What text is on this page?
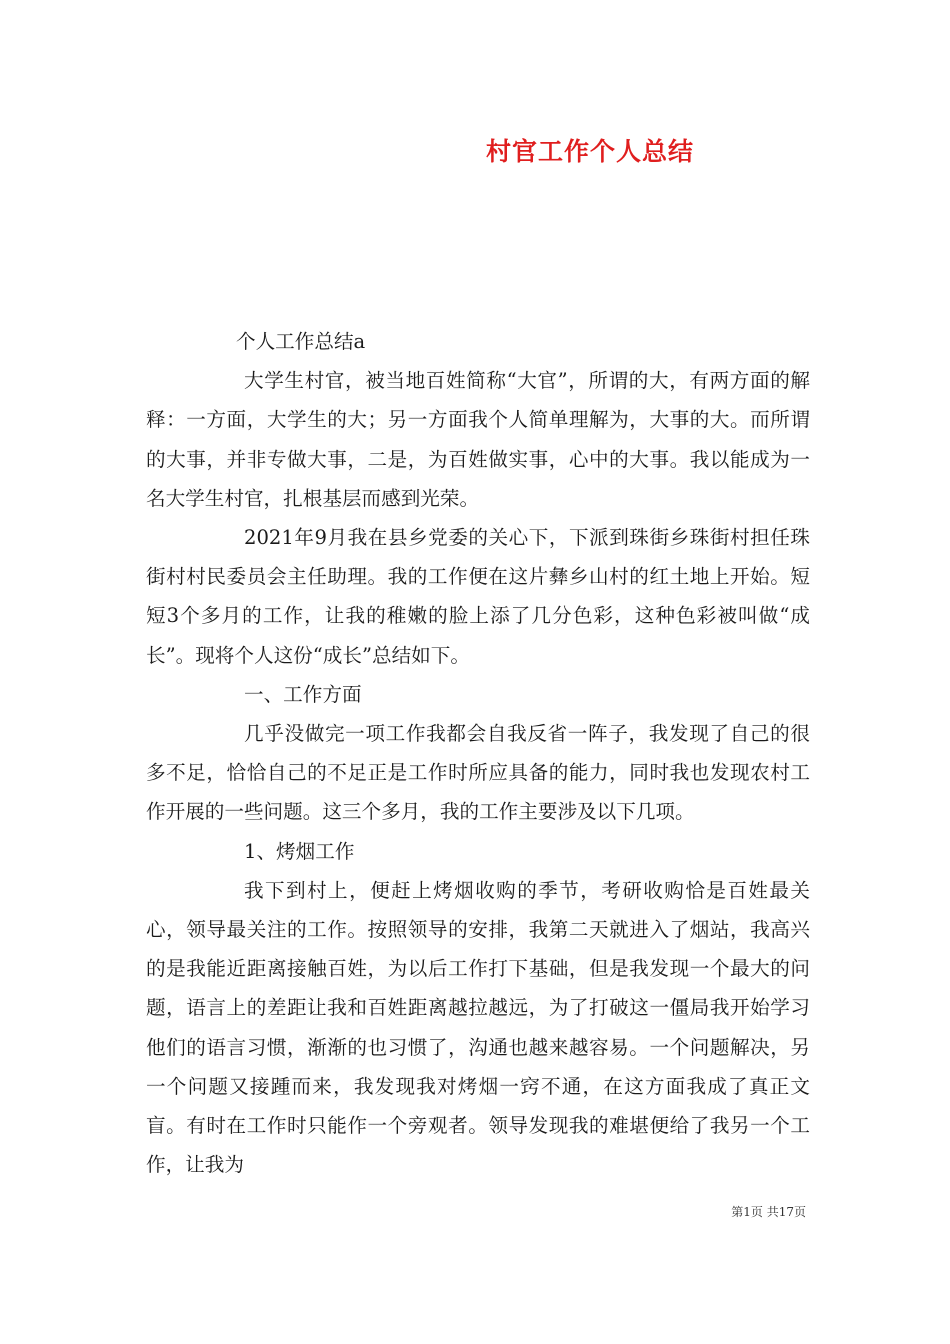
村官工作个人总结

个人工作总结a

大学生村官，被当地百姓简称“大官”，所谓的大，有两方面的解释：一方面，大学生的大；另一方面我个人简单理解为，大事的大。而所谓的大事，并非专做大事，二是，为百姓做实事，心中的大事。我以能成为一名大学生村官，扎根基层而感到光荣。

2021年9月我在县乡党委的关心下，下派到珠街乡珠街村担任珠街村村民委员会主任助理。我的工作便在这片彝乡山村的红土地上开始。短短3个多月的工作，让我的稚嫩的脸上添了几分色彩，这种色彩被叫做“成长”。现将个人这份“成长”总结如下。

一、工作方面

几乎没做完一项工作我都会自我反省一阵子，我发现了自己的很多不足，恰恰自己的不足正是工作时所应具备的能力，同时我也发现农村工作开展的一些问题。这三个多月，我的工作主要涉及以下几项。

1、烤烟工作

我下到村上，便赶上烤烟收购的季节，考研收购恰是百姓最关心，领导最关注的工作。按照领导的安排，我第二天就进入了烟站，我高兴的是我能近距离接触百姓，为以后工作打下基础，但是我发现一个最大的问题，语言上的差距让我和百姓距离越拉越远，为了打破这一僵局我开始学习他们的语言习惯，渐渐的也习惯了，沟通也越来越容易。一个问题解决，另一个问题又接踵而来，我发现我对烤烟一窍不通，在这方面我成了真正文盲。有时在工作时只能作一个旁观者。领导发现我的难堪便给了我另一个工作，让我为

第1页 共17页
